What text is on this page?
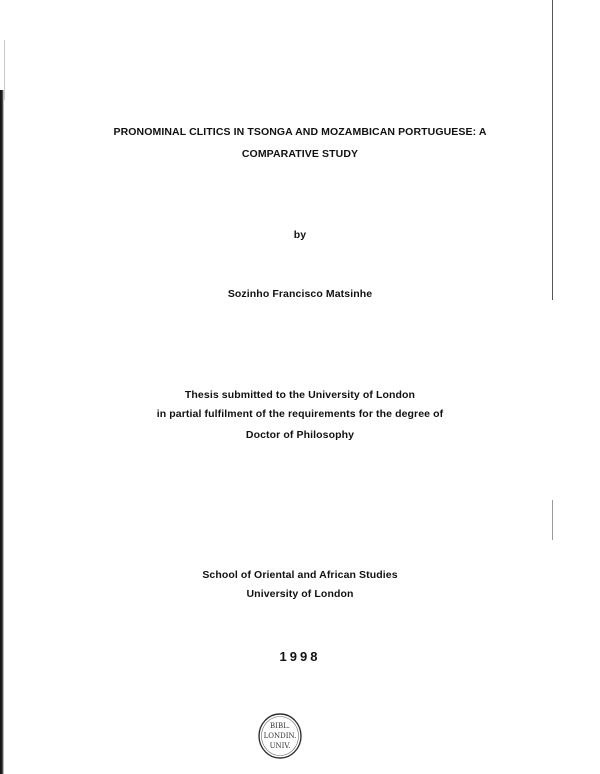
PRONOMINAL CLITICS IN TSONGA AND MOZAMBICAN PORTUGUESE: A
COMPARATIVE STUDY
by
Sozinho Francisco Matsinhe
Thesis submitted to the University of London
in partial fulfilment of the requirements for the degree of
Doctor of Philosophy
School of Oriental and African Studies
University of London
1998
BIBL.
LONDIN.
UNIV.
